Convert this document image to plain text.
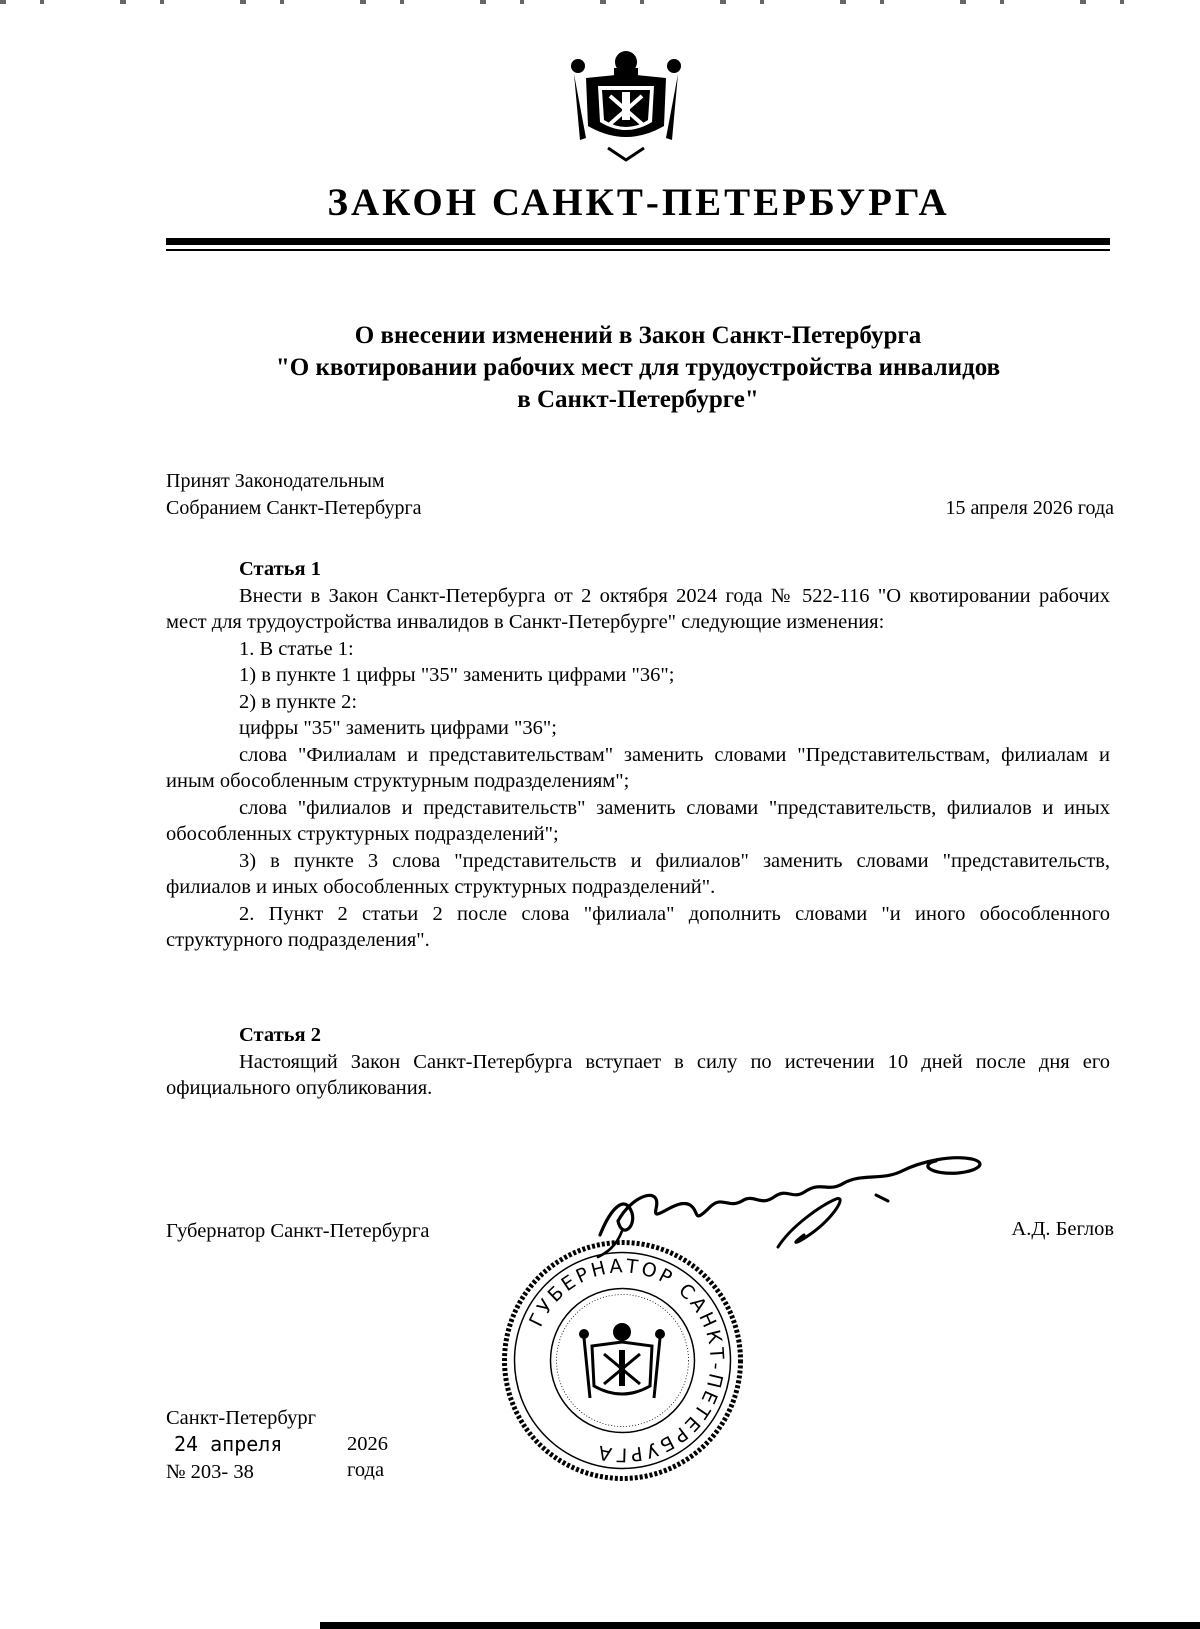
ЗАКОН САНКТ-ПЕТЕРБУРГА
О внесении изменений в Закон Санкт-Петербурга
"О квотировании рабочих мест для трудоустройства инвалидов
в Санкт-Петербурге"
Принят Законодательным
Собранием Санкт-Петербурга	15 апреля 2026 года
Статья 1
Внести в Закон Санкт-Петербурга от 2 октября 2024 года № 522-116 "О квотировании рабочих мест для трудоустройства инвалидов в Санкт-Петербурге" следующие изменения:
1. В статье 1:
1) в пункте 1 цифры "35" заменить цифрами "36";
2) в пункте 2:
цифры "35" заменить цифрами "36";
слова "Филиалам и представительствам" заменить словами "Представительствам, филиалам и иным обособленным структурным подразделениям";
слова "филиалов и представительств" заменить словами "представительств, филиалов и иных обособленных структурных подразделений";
3) в пункте 3 слова "представительств и филиалов" заменить словами "представительств, филиалов и иных обособленных структурных подразделений".
2. Пункт 2 статьи 2 после слова "филиала" дополнить словами "и иного обособленного структурного подразделения".
Статья 2
Настоящий Закон Санкт-Петербурга вступает в силу по истечении 10 дней после дня его официального опубликования.
Губернатор Санкт-Петербурга	А.Д. Беглов
ГУБЕРНАТОР САНКТ-ПЕТЕРБУРГА
Санкт-Петербург
24 апреля	2026 года
№ 203- 38
